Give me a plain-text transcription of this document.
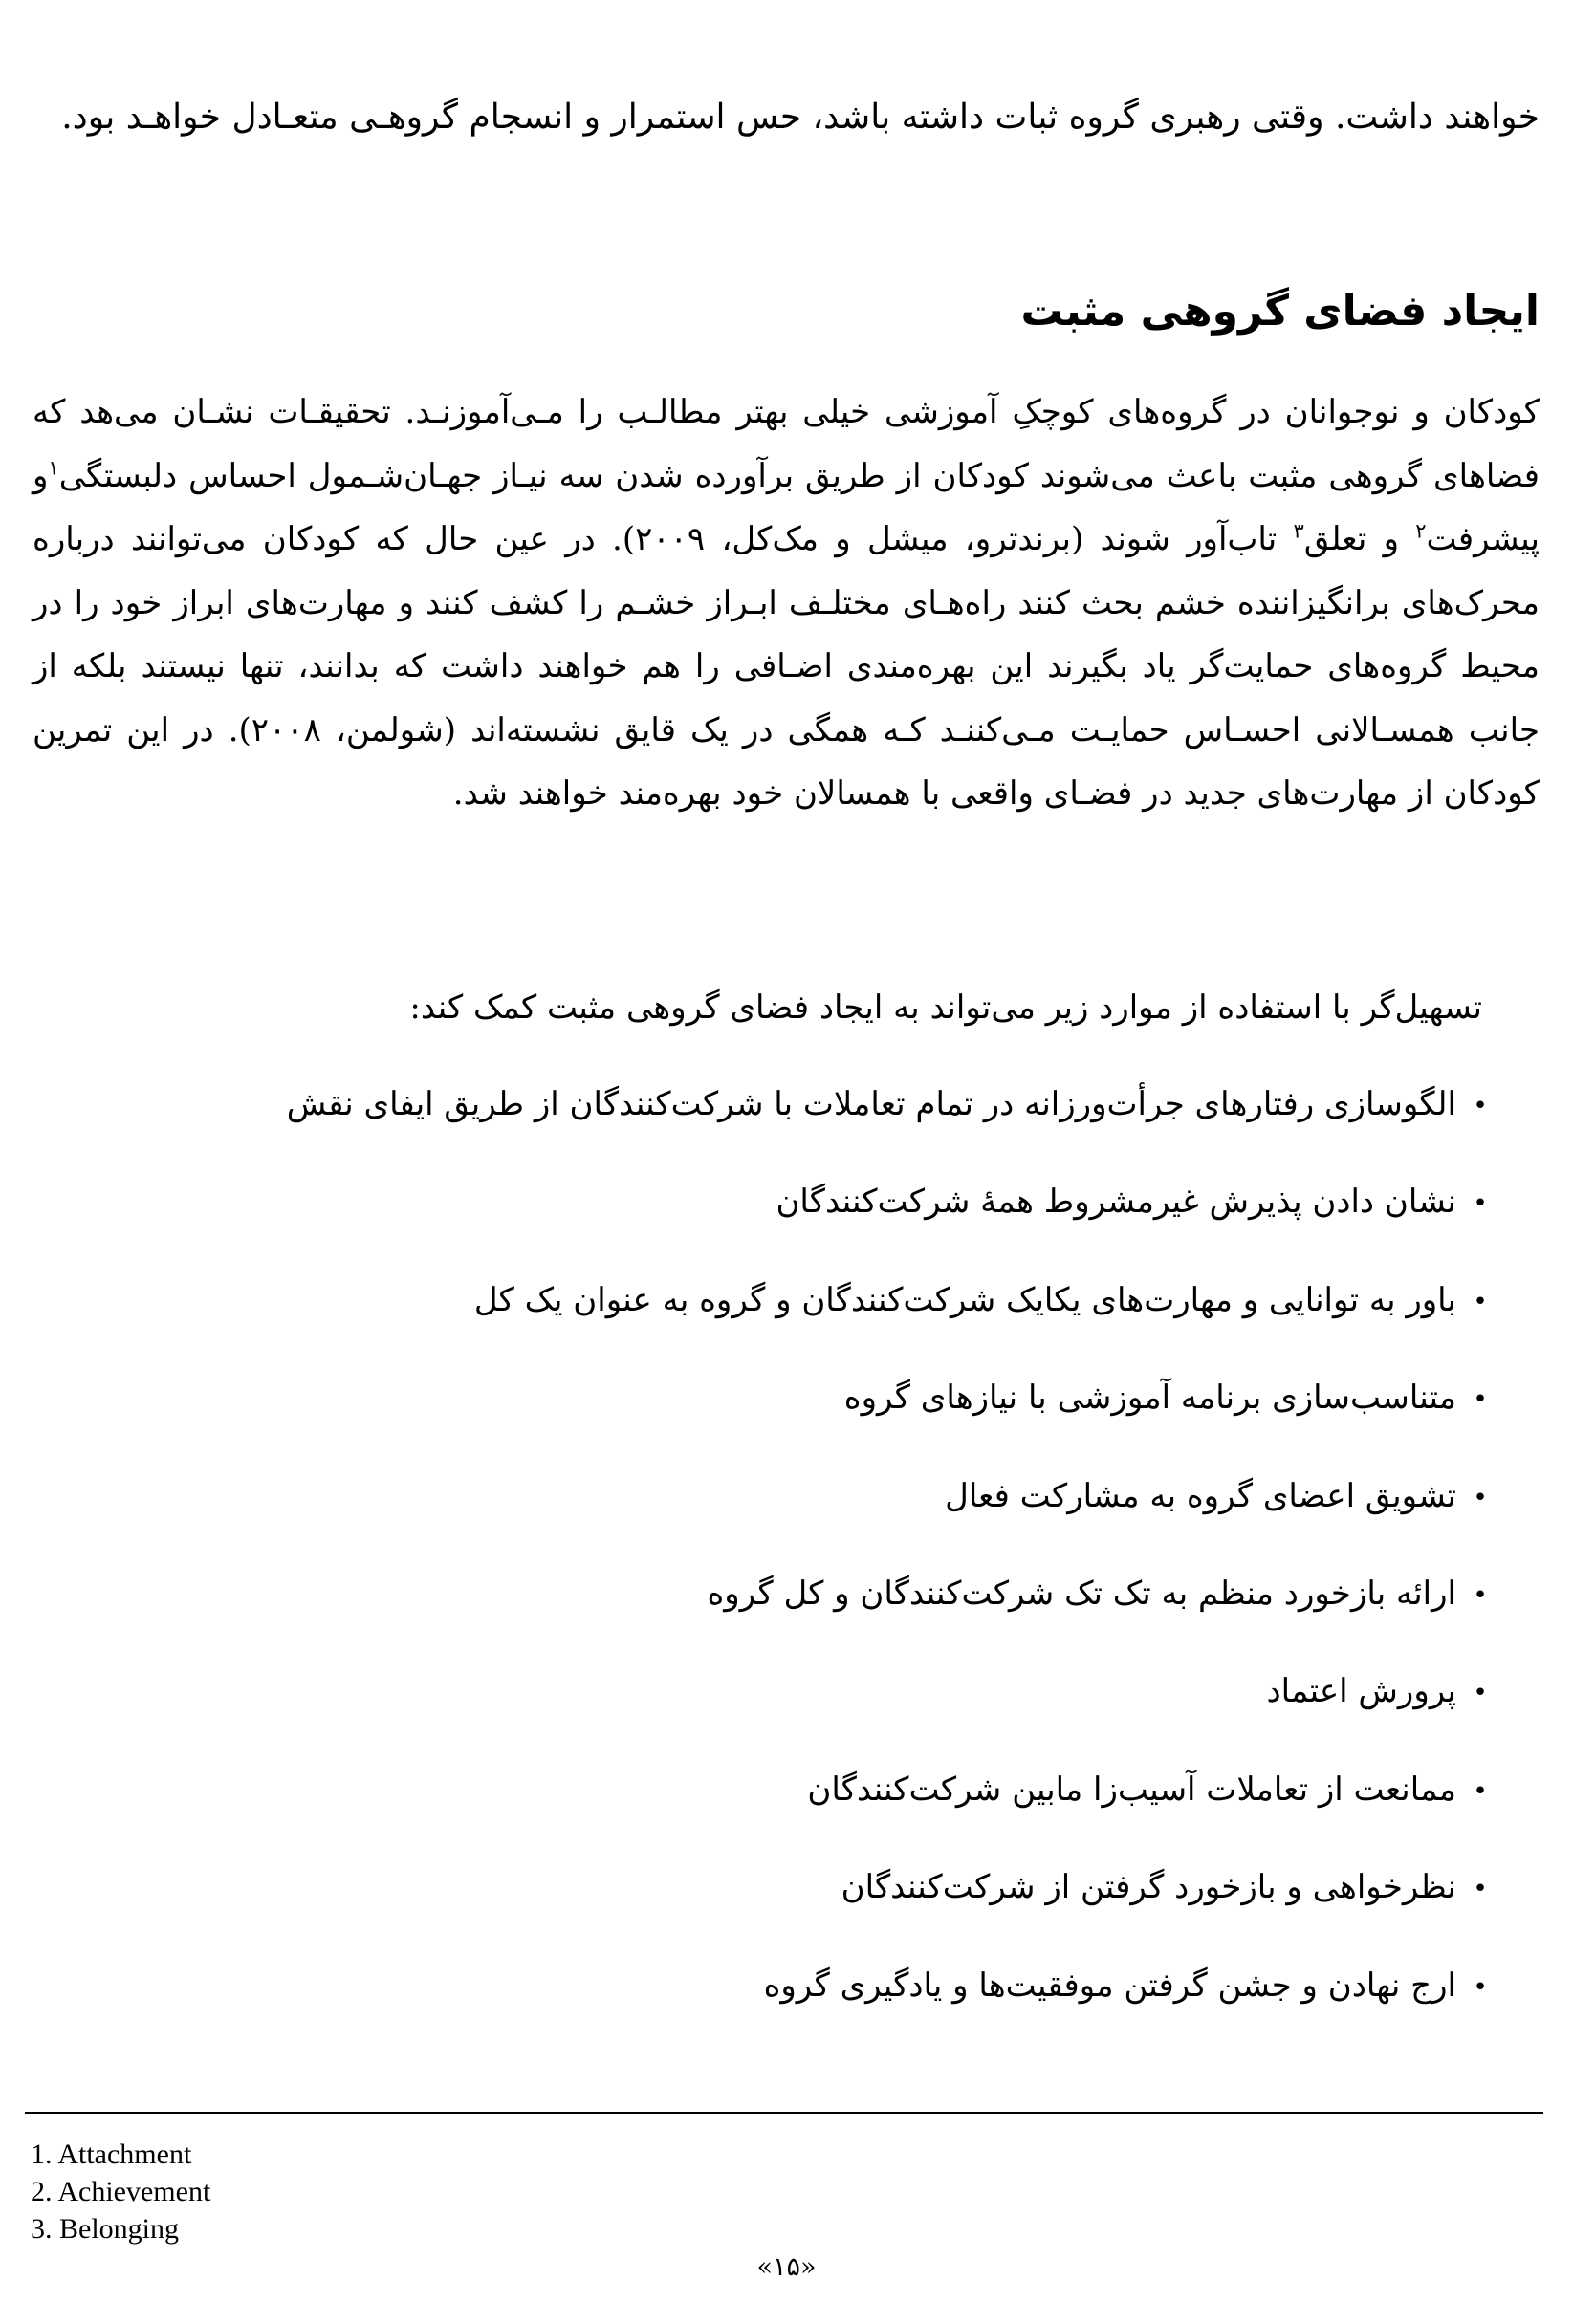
خواهند داشت. وقتی رهبری گروه ثبات داشته باشد، حس استمرار و انسجام گروهـی متعـادل خواهـد بود.

ایجاد فضای گروهی مثبت

کودکان و نوجوانان در گروه‌های کوچکِ آموزشی خیلی بهتر مطالـب را مـی‌آموزنـد. تحقیقـات نشـان می‌هد که فضاهای گروهی مثبت باعث می‌شوند کودکان از طریق برآورده شدن سه نیـاز جهـان‌شـمول احساس دلبستگی$^۱$و پیشرفت$^۲$ و تعلق$^۳$ تاب‌آور شوند (برندترو، میشل و مک‌کل، ۲۰۰۹). در عین حال که کودکان می‌توانند درباره محرک‌های برانگیزاننده خشم بحث کنند راه‌هـای مختلـف ابـراز خشـم را کشف کنند و مهارت‌های ابراز خود را در محیط گروه‌های حمایت‌گر یاد بگیرند این بهره‌مندی اضـافی را هم خواهند داشت که بدانند، تنها نیستند بلکه از جانب همسـالانی احسـاس حمایـت مـی‌کننـد کـه همگی در یک قایق نشسته‌اند (شولمن، ۲۰۰۸). در این تمرین کودکان از مهارت‌های جدید در فضـای واقعی با همسالان خود بهره‌مند خواهند شد.

تسهیل‌گر با استفاده از موارد زیر می‌تواند به ایجاد فضای گروهی مثبت کمک کند:

•الگوسازی رفتارهای جرأت‌ورزانه در تمام تعاملات با شرکت‌کنندگان از طریق ایفای نقش
•نشان دادن پذیرش غیرمشروط همهٔ شرکت‌کنندگان
•باور به توانایی و مهارت‌های یکایک شرکت‌کنندگان و گروه به عنوان یک کل
•متناسب‌سازی برنامه آموزشی با نیازهای گروه
•تشویق اعضای گروه به مشارکت فعال
•ارائه بازخورد منظم به تک تک شرکت‌کنندگان و کل گروه
•پرورش اعتماد
•ممانعت از تعاملات آسیب‌زا مابین شرکت‌کنندگان
•نظرخواهی و بازخورد گرفتن از شرکت‌کنندگان
•ارج نهادن و جشن گرفتن موفقیت‌ها و یادگیری گروه
1. Attachment
2. Achievement
3. Belonging
«۱۵»
